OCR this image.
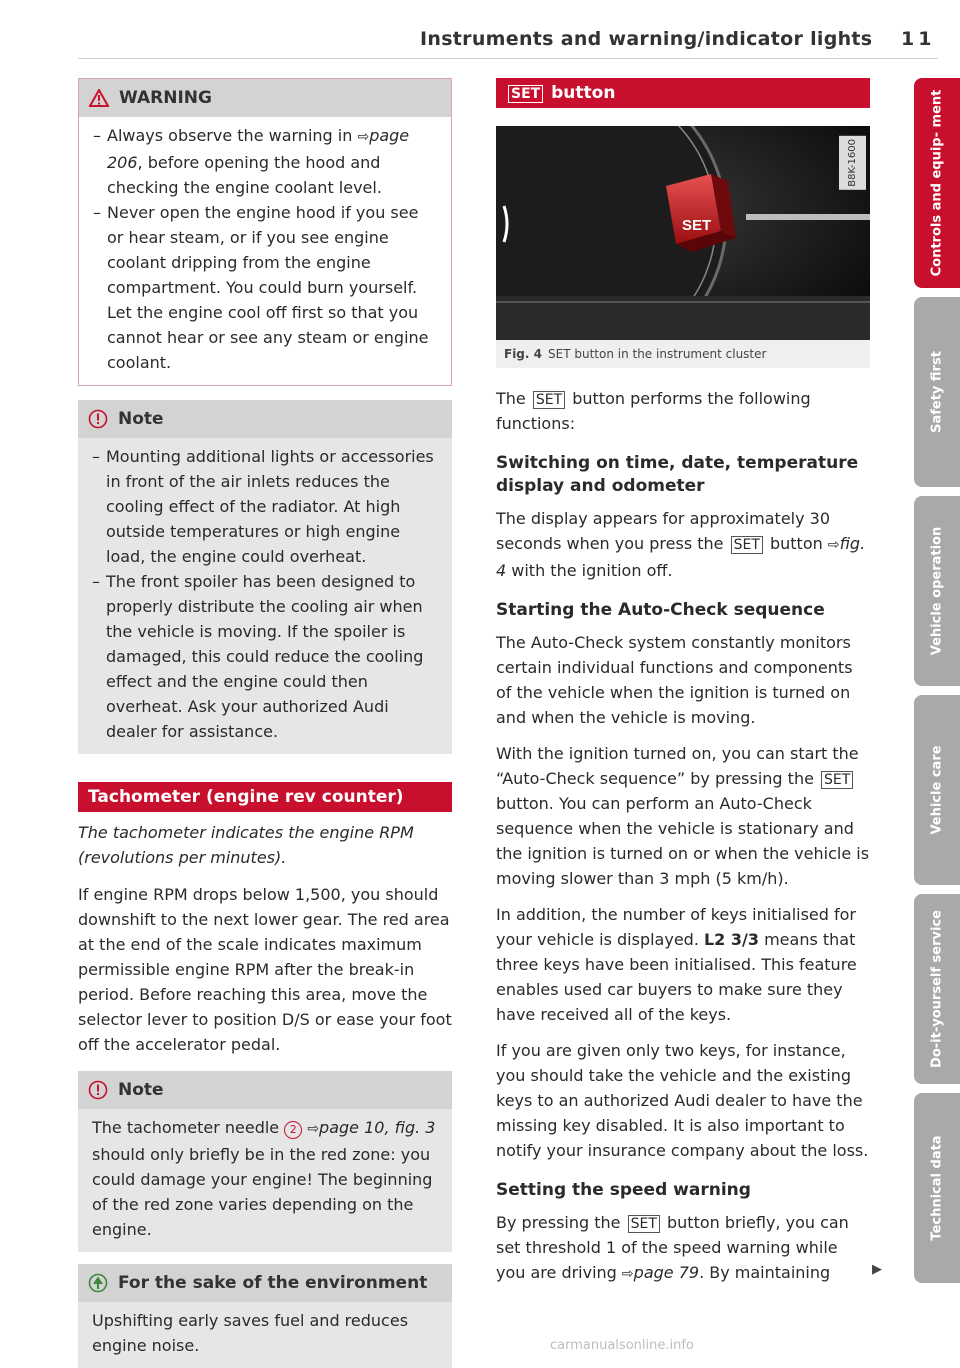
Instruments and warning/indicator lights 11
WARNING
– Always observe the warning in ⇨page 206, before opening the hood and checking the engine coolant level.
– Never open the engine hood if you see or hear steam, or if you see engine coolant dripping from the engine compartment. You could burn yourself. Let the engine cool off first so that you cannot hear or see any steam or engine coolant.
Note
– Mounting additional lights or accessories in front of the air inlets reduces the cooling effect of the radiator. At high outside temperatures or high engine load, the engine could overheat.
– The front spoiler has been designed to properly distribute the cooling air when the vehicle is moving. If the spoiler is damaged, this could reduce the cooling effect and the engine could then overheat. Ask your authorized Audi dealer for assistance.
Tachometer (engine rev counter)

The tachometer indicates the engine RPM (revolutions per minutes).

If engine RPM drops below 1,500, you should downshift to the next lower gear. The red area at the end of the scale indicates maximum permissible engine RPM after the break-in period. Before reaching this area, move the selector lever to position D/S or ease your foot off the accelerator pedal.

Note
The tachometer needle 2 ⇨page 10, fig. 3 should only briefly be in the red zone: you could damage your engine! The beginning of the red zone varies depending on the engine.
For the sake of the environment
Upshifting early saves fuel and reduces engine noise.
SET button
SET
B8K-1600
Fig. 4 SET button in the instrument cluster

The SET button performs the following functions:

Switching on time, date, temperature display and odometer

The display appears for approximately 30 seconds when you press the SET button ⇨fig. 4 with the ignition off.

Starting the Auto-Check sequence

The Auto-Check system constantly monitors certain individual functions and components of the vehicle when the ignition is turned on and when the vehicle is moving.

With the ignition turned on, you can start the “Auto-Check sequence” by pressing the SET button. You can perform an Auto-Check sequence when the vehicle is stationary and the ignition is turned on or when the vehicle is moving slower than 3 mph (5 km/h).

In addition, the number of keys initialised for your vehicle is displayed. L2 3/3 means that three keys have been initialised. This feature enables used car buyers to make sure they have received all of the keys.

If you are given only two keys, for instance, you should take the vehicle and the existing keys to an authorized Audi dealer to have the missing key disabled. It is also important to notify your insurance company about the loss.

Setting the speed warning

By pressing the SET button briefly, you can set threshold 1 of the speed warning while you are driving ⇨page 79. By maintaining	▶
Controls and equip- ment
Safety first
Vehicle operation
Vehicle care
Do-it-yourself service
Technical data
carmanualsonline.info
